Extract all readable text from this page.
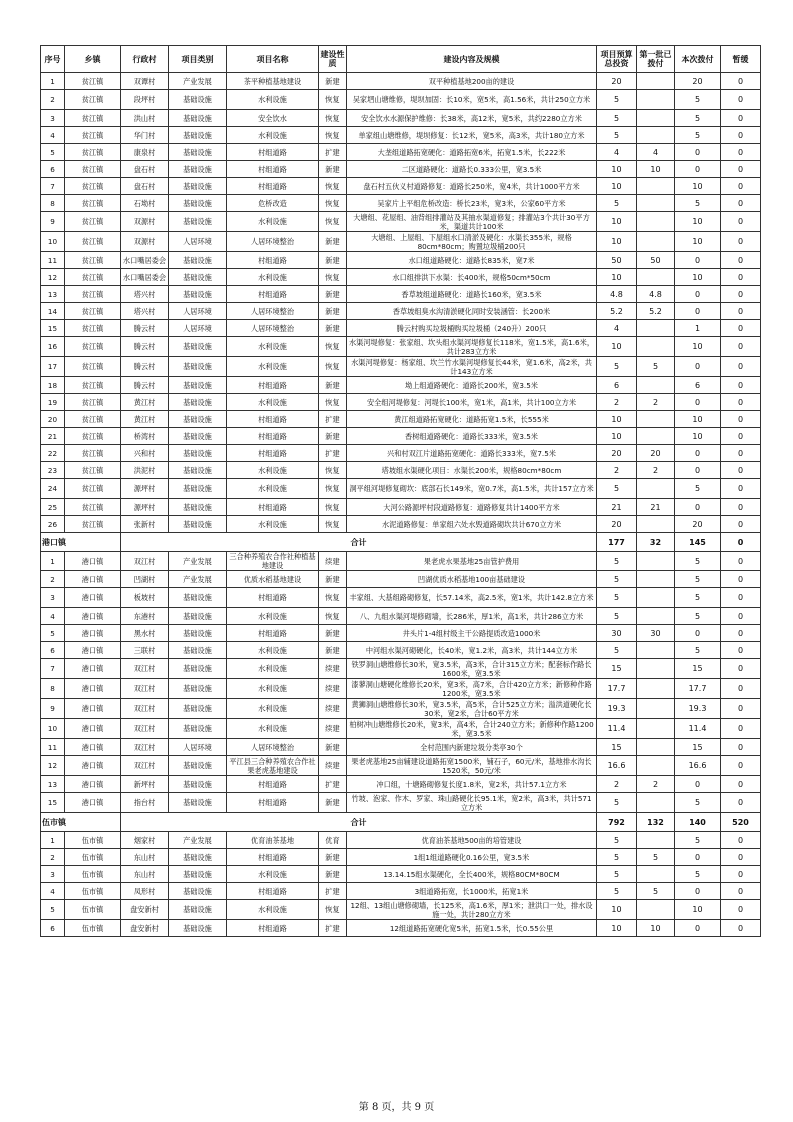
序号	乡镇	行政村	项目类别	项目名称	建设性质	建设内容及规模	项目预算总投资	第一批已拨付	本次拨付	暂缓
1	贫江镇	双谭村	产业发展	茶平种植基地建设	新建	双平种植基地200亩的建设	20		20	0
2	贫江镇	段坪村	基础设施	水利设施	恢复	吴家垇山塘维修，堤坝加固：长10米，宽5米，高1.56米，共计250立方米	5		5	0
3	贫江镇	洪山村	基础设施	安全饮水	恢复	安全饮水水源保护维修：长38米，高12米，宽5米，共约2280立方米	5		5	0
4	贫江镇	华门村	基础设施	水利设施	恢复	单家组山塘维修，堤坝修复：长12米，宽5米，高3米，共计180立方米	5		5	0
5	贫江镇	康泉村	基础设施	村组道路	扩建	大垄组道路拓宽硬化：道路拓宽6米，拓宽1.5米，长222米	4	4	0	0
6	贫江镇	盘石村	基础设施	村组道路	新建	二区道路硬化：道路长0.333公里，宽3.5米	10	10	0	0
7	贫江镇	盘石村	基础设施	村组道路	恢复	盘石村五伙义村道路修复：道路长250米，宽4米，共计1000平方米	10		10	0
8	贫江镇	石坳村	基础设施	危桥改造	恢复	吴家片上平组危桥改造：桥长23米，宽3米，公家60平方米	5		5	0
9	贫江镇	双源村	基础设施	水利设施	恢复	大塘组、花屋组、油背组排灌站及其抽水渠道修复；排灌站3个共计30平方米，渠道共计100米	10		10	0
10	贫江镇	双源村	人居环境	人居环境整治	新建	大塘组、上屋组、下屋组水口清淤及硬化：水渠长355米，规格80cm*80cm；购置垃圾桶200只	10		10	0
11	贫江镇	水口嘴居委会	基础设施	村组道路	新建	水口组道路硬化：道路长835米，宽7米	50	50	0	0
12	贫江镇	水口嘴居委会	基础设施	水利设施	恢复	水口组排洪下水渠：长400米，规格50cm*50cm	10		10	0
13	贫江镇	塔兴村	基础设施	村组道路	新建	香草坡组道路硬化：道路长160米，宽3.5米	4.8	4.8	0	0
14	贫江镇	塔兴村	人居环境	人居环境整治	新建	香草坡组臭水沟清淤硬化同时安装涵管：长200米	5.2	5.2	0	0
15	贫江镇	腾云村	人居环境	人居环境整治	新建	腾云村购买垃圾桶购买垃圾桶（240升）200只	4		1	0
16	贫江镇	腾云村	基础设施	水利设施	恢复	水渠河堤修复：张家组、坎头组水渠河堤修复长118米，宽1.5米，高1.6米，共计283立方米	10		10	0
17	贫江镇	腾云村	基础设施	水利设施	恢复	水渠河堤修复：杨家组、坎兰竹水渠河堤修复长44米，宽1.6米，高2米，共计143立方米	5	5	0	0
18	贫江镇	腾云村	基础设施	村组道路	新建	坳上组道路硬化：道路长200米，宽3.5米	6		6	0
19	贫江镇	黄江村	基础设施	水利设施	恢复	安全组河堤修复：河堤长100米，宽1米，高1米，共计100立方米	2	2	0	0
20	贫江镇	黄江村	基础设施	村组道路	扩建	黄江组道路拓宽硬化：道路拓宽1.5米，长555米	10		10	0
21	贫江镇	桥湾村	基础设施	村组道路	新建	香树组道路硬化：道路长333米，宽3.5米	10		10	0
22	贫江镇	兴和村	基础设施	村组道路	扩建	兴和村双江片道路拓宽硬化：道路长333米，宽7.5米	20	20	0	0
23	贫江镇	洪泥村	基础设施	水利设施	恢复	塔坡组水渠硬化项目：水渠长200米，规格80cm*80cm	2	2	0	0
24	贫江镇	源坪村	基础设施	水利设施	恢复	洞平组河堤修复砌坎：底部石长149米，宽0.7米，高1.5米，共计157立方米	5		5	0
25	贫江镇	源坪村	基础设施	村组道路	恢复	大河公路源坪村段道路修复：道路修复共计1400平方米	21	21	0	0
26	贫江镇	张新村	基础设施	水利设施	恢复	水泥道路修复：单家组六处水毁道路砌坎共计670立方米	20		20	0
港口镇		合计					177	32	145	0
1	港口镇	双江村	产业发展	三合种养殖农合作社种植基地建设	续建	果老虎水果基地25亩管护费用	5		5	0
2	港口镇	凹湖村	产业发展	优质水稻基地建设	新建	凹湖优质水稻基地100亩基础建设	5		5	0
3	港口镇	板坡村	基础设施	村组道路	恢复	丰家组、大基组路砌修复，长57.14米，高2.5米，宽1米，共计142.8立方米	5		5	0
4	港口镇	东港村	基础设施	水利设施	恢复	八、九组水渠河堤修砌墙，长286米，厚1米，高1米，共计286立方米	5		5	0
5	港口镇	黑水村	基础设施	村组道路	新建	井头片1-4组村级主干公路提质改造1000米	30	30	0	0
6	港口镇	三联村	基础设施	水利设施	新建	中河组水渠河砌硬化，长40米，宽1.2米，高3米，共计144立方米	5		5	0
7	港口镇	双江村	基础设施	水利设施	续建	铁罗洞山塘维修长30米，宽3.5米，高3米，合计315立方米；配套标作路长1600米，宽3.5米	15		15	0
8	港口镇	双江村	基础设施	水利设施	续建	漆蓼洞山塘硬化维修长20米，宽3米，高7米，合计420立方米；新修种作路1200米，宽3.5米	17.7		17.7	0
9	港口镇	双江村	基础设施	水利设施	续建	黄狮洞山塘维修长30米，宽3.5米，高5米，合计525立方米；溢洪道硬化长30米，宽2米，合计60平方米	19.3		19.3	0
10	港口镇	双江村	基础设施	水利设施	续建	柏树冲山塘维修长20米，宽3米，高4米，合计240立方米；新修种作路1200米，宽3.5米	11.4		11.4	0
11	港口镇	双江村	人居环境	人居环境整治	新建	全村范围内新建垃圾分类亭30个	15		15	0
12	港口镇	双江村	基础设施	平江县三合种养殖农合作社果老虎基地建设	续建	果老虎基地25亩辅建设道路拓宽1500米，铺石子，60元/米，基地排水沟长1520米，50元/米	16.6		16.6	0
13	港口镇	新坪村	基础设施	村组道路	扩建	冲口组，十塘路砌修复长度1.8米，宽2米，共计57.1立方米	2	2	0	0
15	港口镇	指台村	基础设施	村组道路	新建	竹坡、泡家、作木、罗家、珠山路硬化长95.1米，宽2米，高3米，共计571立方米	5		5	0
伍市镇		合计					792	132	140	520
1	伍市镇	烟家村	产业发展	优育油茶基地	优育	优育油茶基地500亩的培管建设	5		5	0
2	伍市镇	东山村	基础设施	村组道路	新建	1组1组道路硬化0.16公里，宽3.5米	5	5	0	0
3	伍市镇	东山村	基础设施	水利设施	新建	13.14.15组水渠硬化，全长400米，规格80CM*80CM	5		5	0
4	伍市镇	凤形村	基础设施	村组道路	扩建	3组道路拓宽，长1000米，拓宽1米	5	5	0	0
5	伍市镇	盘安新村	基础设施	水利设施	恢复	12组、13组山塘修砌墙，长125米，高1.6米，厚1米；泄洪口一处，排水设施一处，共计280立方米	10		10	0
6	伍市镇	盘安新村	基础设施	村组道路	扩建	12组道路拓宽硬化宽5米，拓宽1.5米，长0.55公里	10	10	0	0
第 8 页，共 9 页
